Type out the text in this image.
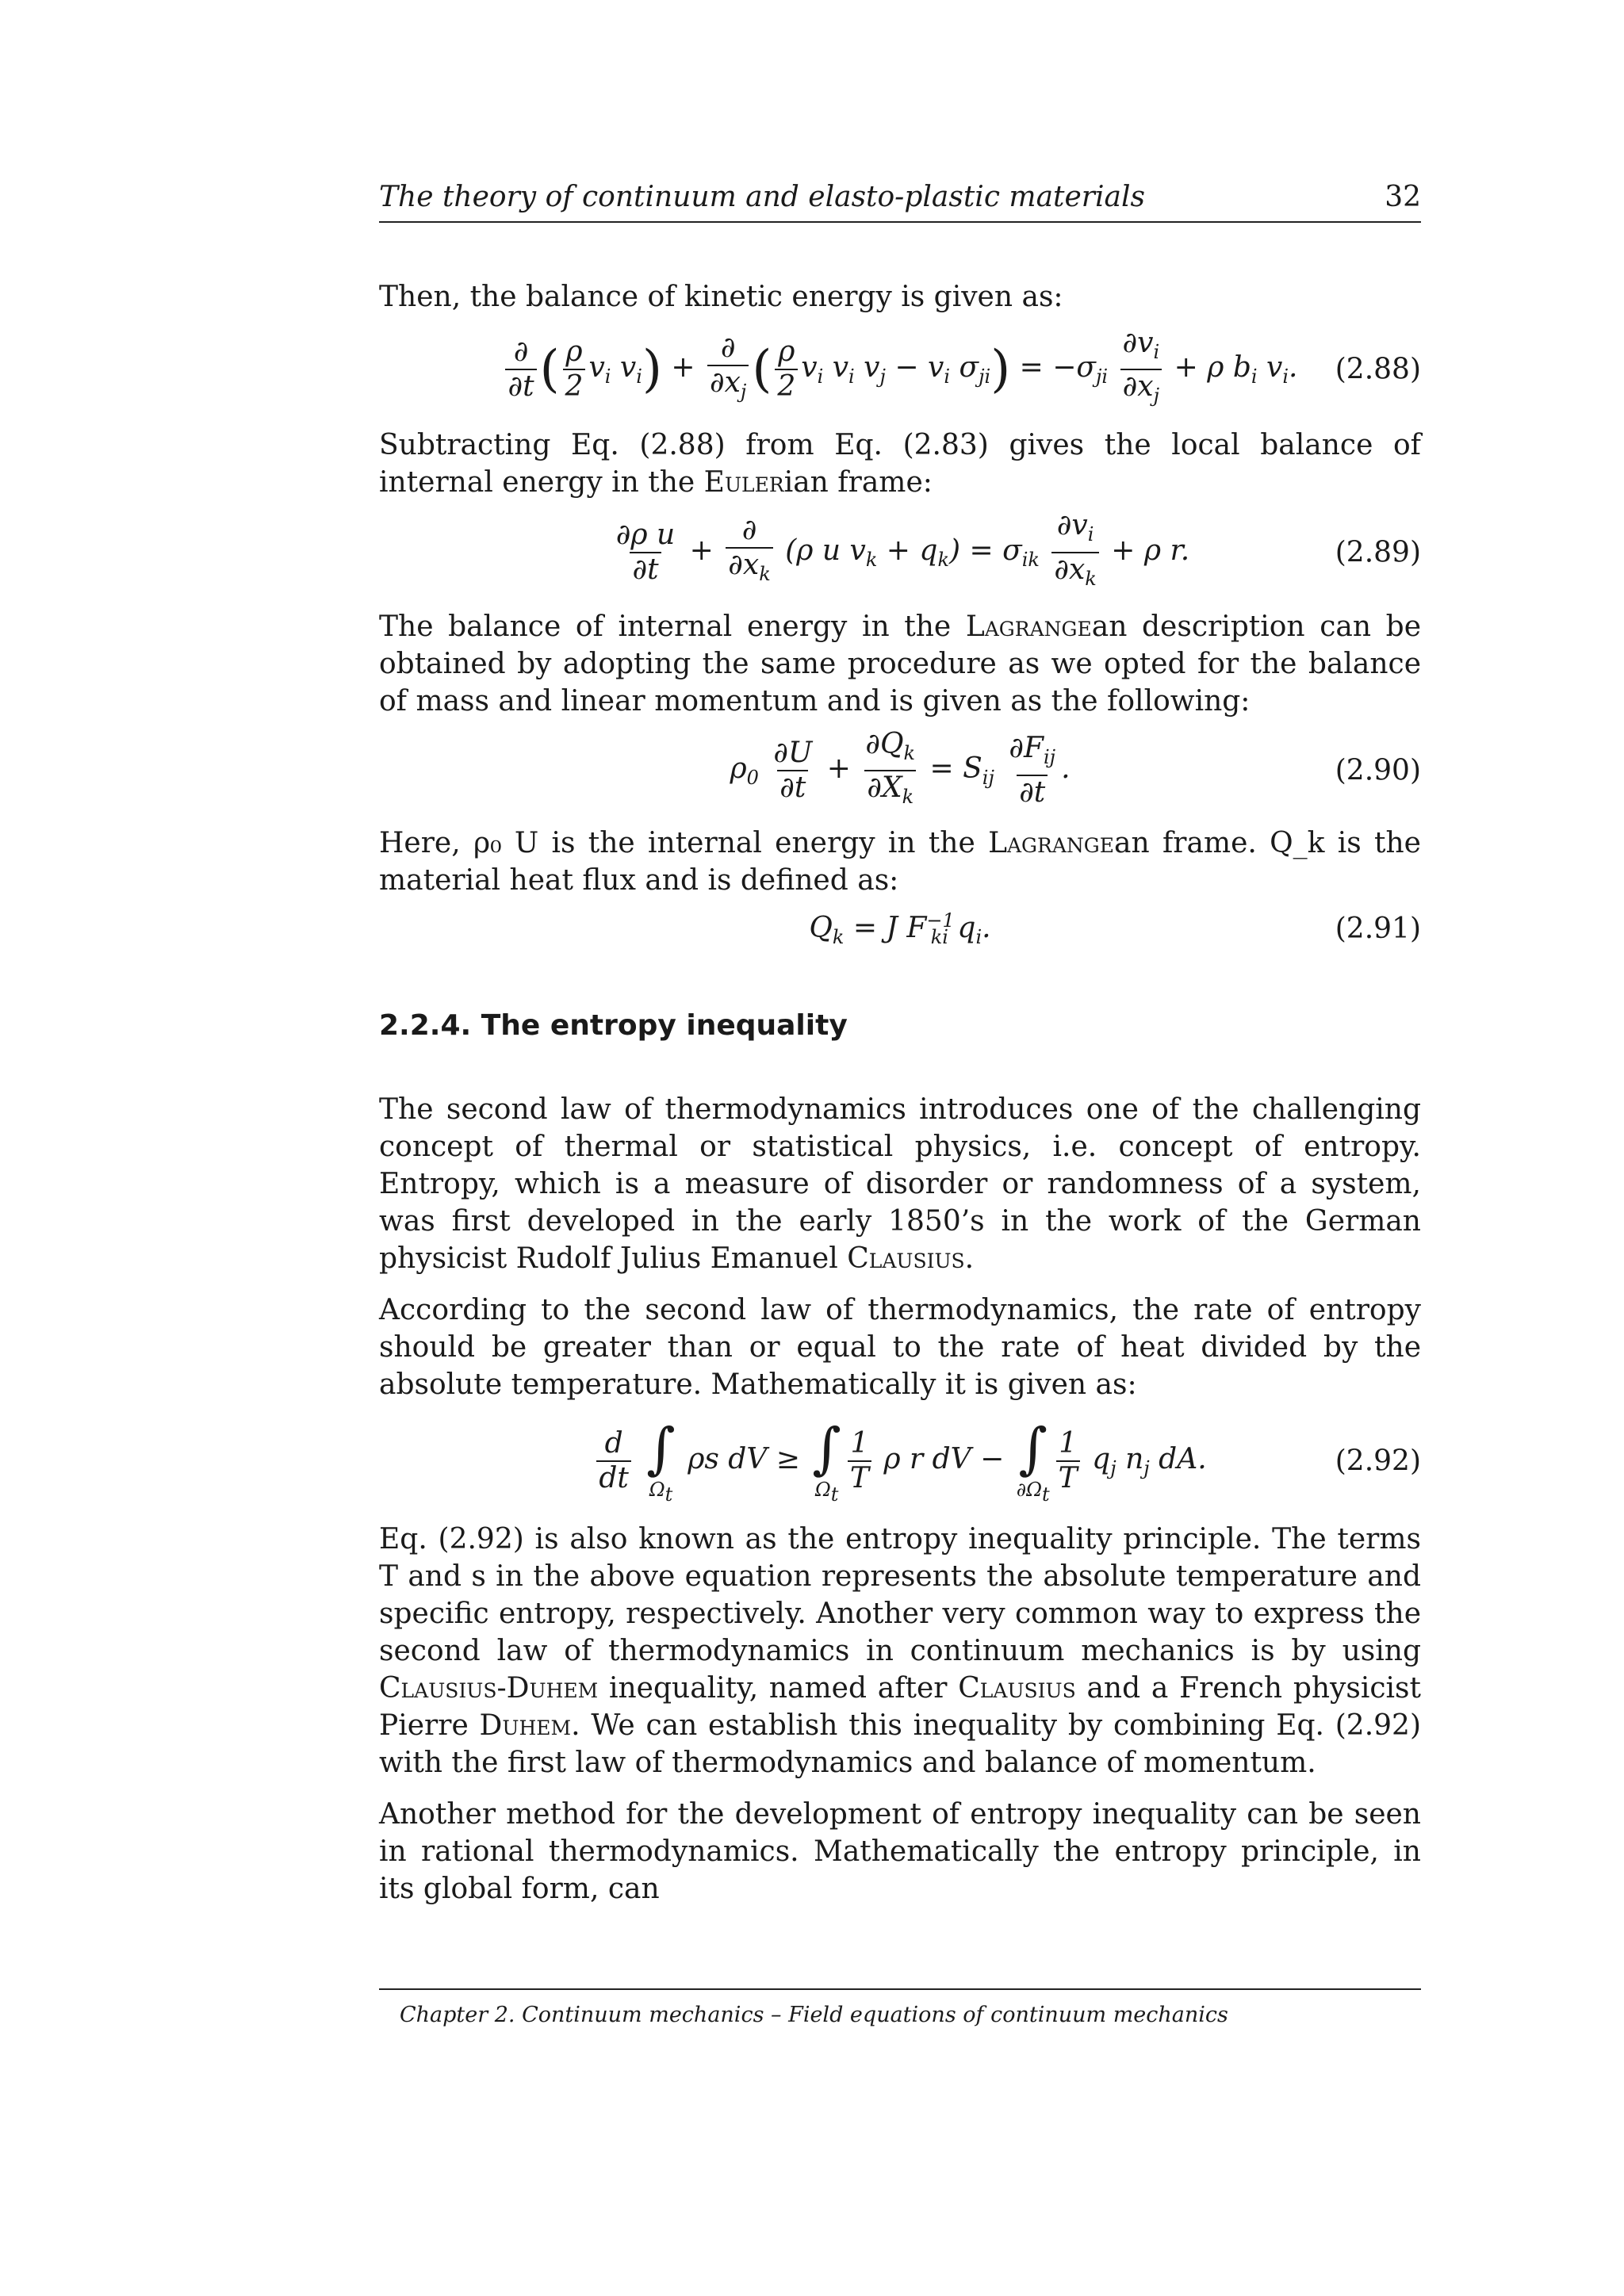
The theory of continuum and elasto-plastic materials	32

Then, the balance of kinetic energy is given as:

$\frac{\partial}{\partial t}$ ( $\frac{\rho}{2} v_i$ $v_i) + \frac{\partial}{\partial x_j}$ ( $\frac{\rho}{2} v_i$ $v_i$ $v_j - v_i$ $\sigma_{ji}) = -\sigma_{ji} \frac{\partial v_i}{\partial x_j} + \rho$ $b_i$ $v_i$. (2.88)

Subtracting Eq. (2.88) from Eq. (2.83) gives the local balance of internal energy in the Eulerian frame:

$\frac{\text{∂ρ u}}{\partial t} + \frac{\partial}{\partial x_k} (\rho$ u $v_k + q_k) = \sigma_{ik} \frac{\partial v_i}{\partial x_k} + \rho$ r.	(2.89)

The balance of internal energy in the Lagrangean description can be obtained by adopting the same procedure as we opted for the balance of mass and linear momentum and is given as the following:

$\rho_0 \frac{\partial U}{\partial t} + \frac{\partial Q_k}{\partial X_k} = S_{ij} \frac{\partial F_{ij}}{\partial t}$ .	(2.90)

Here, ρ₀ U is the internal energy in the Lagrangean frame. Q_k is the material heat flux and is defined as:

$Q_k = J$ $F^{-1}_{ki}$ $q_i$.	(2.91)
2.2.4. The entropy inequality

The second law of thermodynamics introduces one of the challenging concept of thermal or statistical physics, i.e. concept of entropy. Entropy, which is a measure of disorder or randomness of a system, was first developed in the early 1850’s in the work of the German physicist Rudolf Julius Emanuel Clausius.

According to the second law of thermodynamics, the rate of entropy should be greater than or equal to the rate of heat divided by the absolute temperature. Mathematically it is given as:

$\frac{d}{dt}$
∫
$\Omega_t$
ρs dV ≥ ∫
$\Omega_t \frac{1}{T}$ ρ r dV − ∫
$\partial\Omega_t \frac{1}{T} q_j$ $n_j$ dA.	(2.92)

Eq. (2.92) is also known as the entropy inequality principle. The terms T and s in the above equation represents the absolute temperature and specific entropy, respectively. Another very common way to express the second law of thermodynamics in continuum mechanics is by using Clausius-Duhem inequality, named after Clausius and a French physicist Pierre Duhem. We can establish this inequality by combining Eq. (2.92) with the first law of thermodynamics and balance of momentum.

Another method for the development of entropy inequality can be seen in rational thermodynamics. Mathematically the entropy principle, in its global form, can

Chapter 2. Continuum mechanics – Field equations of continuum mechanics
